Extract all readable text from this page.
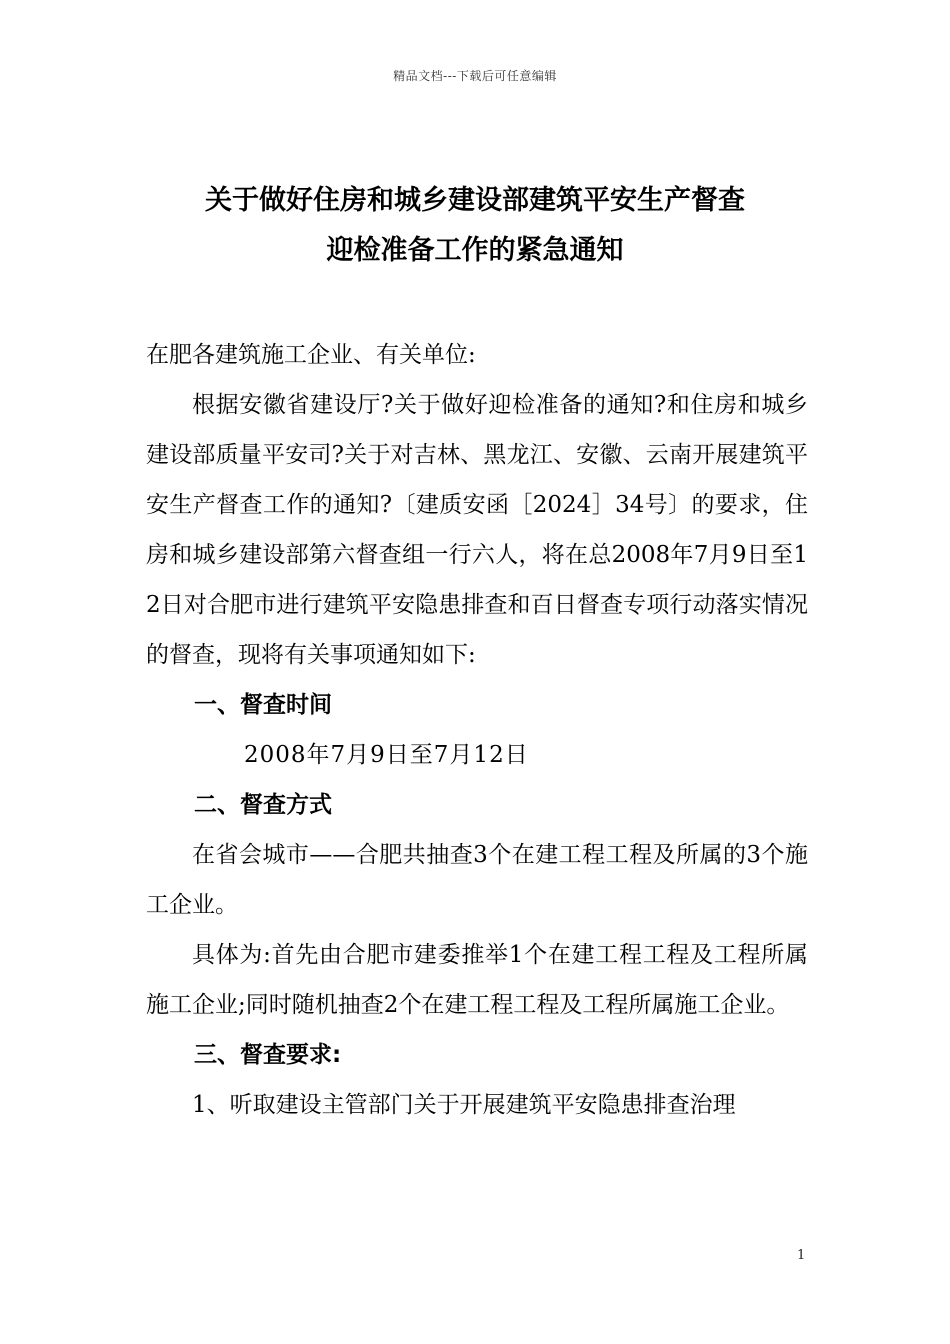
精品文档---下载后可任意编辑
关于做好住房和城乡建设部建筑平安生产督查
迎检准备工作的紧急通知

在肥各建筑施工企业、有关单位:

根据安徽省建设厅?关于做好迎检准备的通知?和住房和城乡建设部质量平安司?关于对吉林、黑龙江、安徽、云南开展建筑平安生产督查工作的通知?〔建质安函［2024］34号〕的要求，住房和城乡建设部第六督查组一行六人，将在总2008年7月9日至12日对合肥市进行建筑平安隐患排查和百日督查专项行动落实情况的督查，现将有关事项通知如下:

一、督查时间

2008年7月9日至7月12日

二、督查方式

在省会城市——合肥共抽查3个在建工程工程及所属的3个施工企业。

具体为:首先由合肥市建委推举1个在建工程工程及工程所属施工企业;同时随机抽查2个在建工程工程及工程所属施工企业。

三、督查要求:

1、听取建设主管部门关于开展建筑平安隐患排查治理

1
